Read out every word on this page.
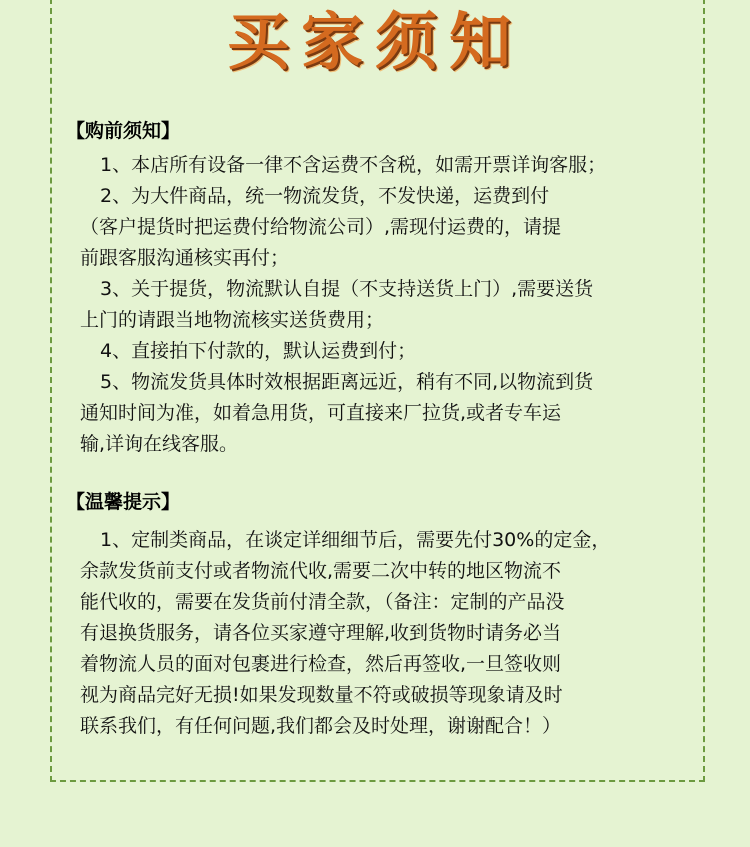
买家须知
【购前须知】

1、本店所有设备一律不含运费不含税，如需开票详询客服；
2、为大件商品，统一物流发货，不发快递，运费到付
（客户提货时把运费付给物流公司）,需现付运费的，请提
前跟客服沟通核实再付；
3、关于提货，物流默认自提（不支持送货上门）,需要送货
上门的请跟当地物流核实送货费用；
4、直接拍下付款的，默认运费到付；
5、物流发货具体时效根据距离远近，稍有不同,以物流到货
通知时间为准，如着急用货，可直接来厂拉货,或者专车运
输,详询在线客服。

【温馨提示】

1、定制类商品，在谈定详细细节后，需要先付30%的定金，
余款发货前支付或者物流代收,需要二次中转的地区物流不
能代收的，需要在发货前付清全款，（备注：定制的产品没
有退换货服务，请各位买家遵守理解,收到货物时请务必当
着物流人员的面对包裹进行检查，然后再签收,一旦签收则
视为商品完好无损!如果发现数量不符或破损等现象请及时
联系我们，有任何问题,我们都会及时处理，谢谢配合！）
